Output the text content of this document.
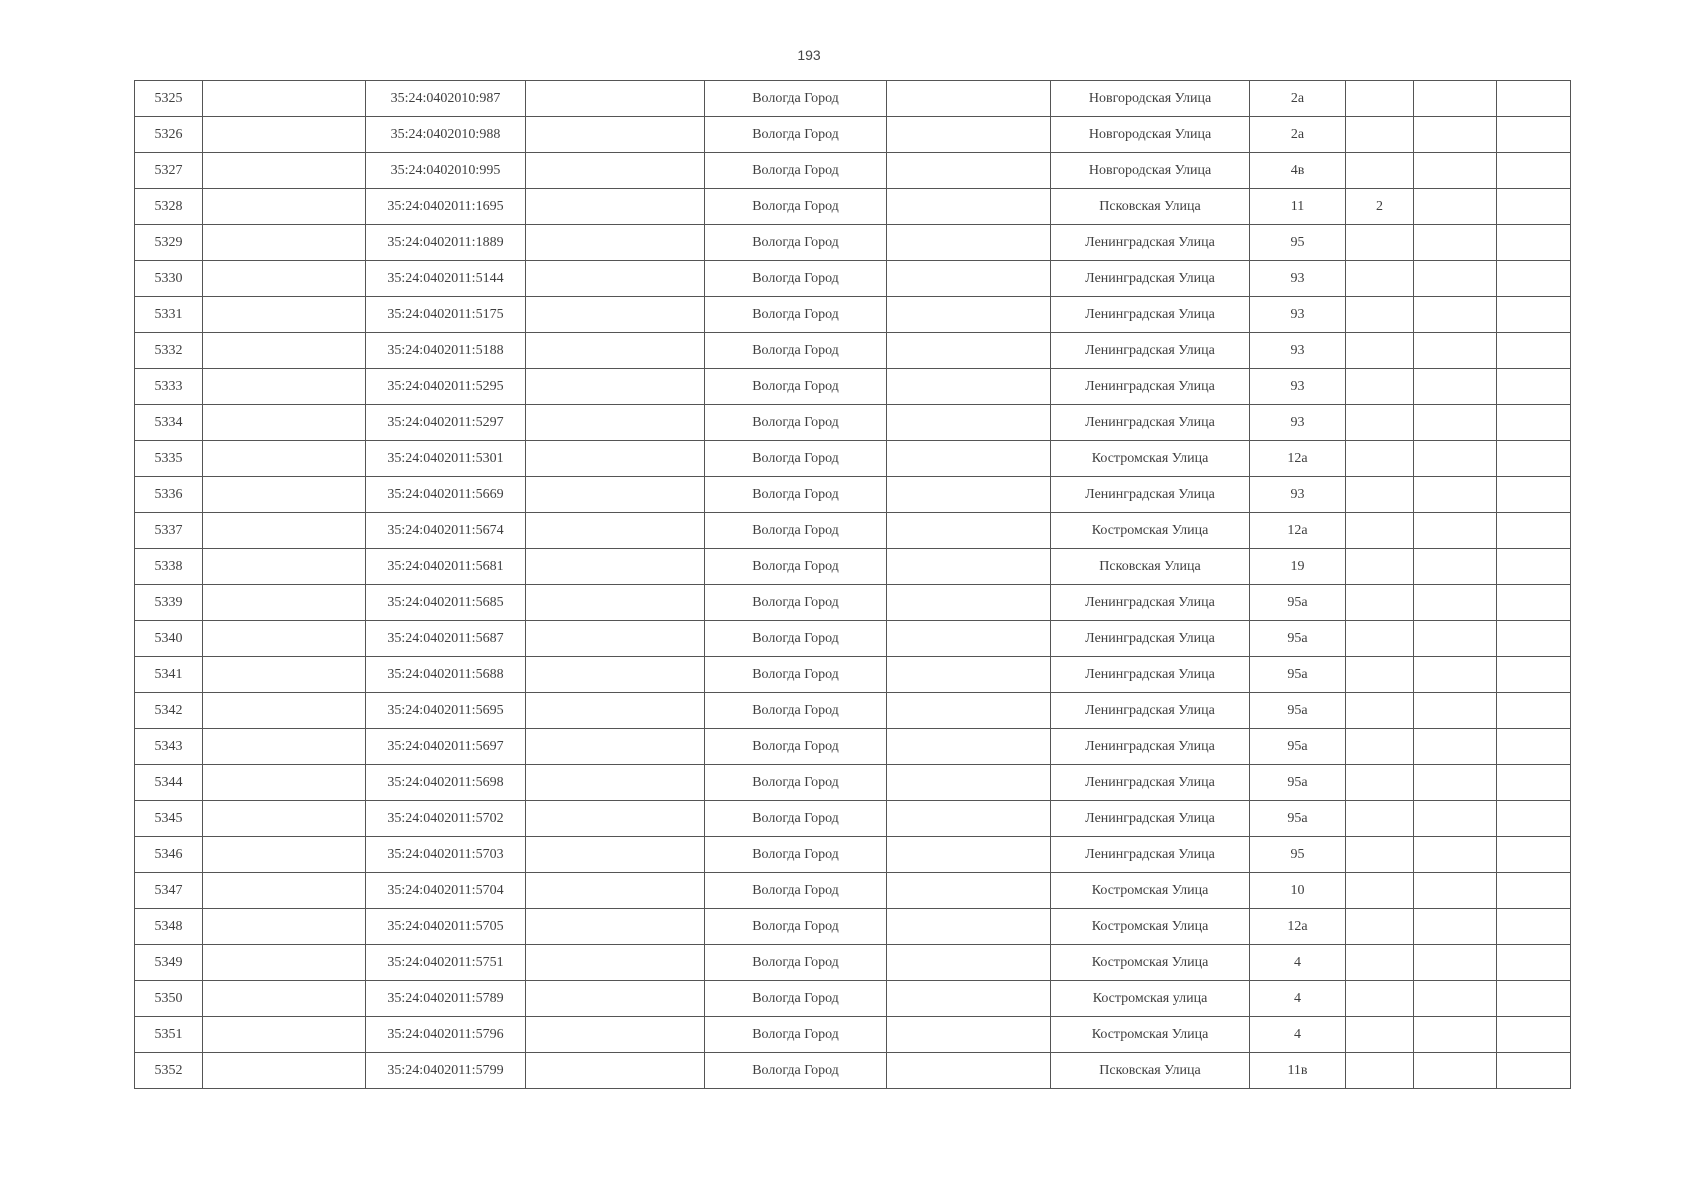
193
5325		35:24:0402010:987		Вологда Город		Новгородская Улица	2а			
5326		35:24:0402010:988		Вологда Город		Новгородская Улица	2а			
5327		35:24:0402010:995		Вологда Город		Новгородская Улица	4в			
5328		35:24:0402011:1695		Вологда Город		Псковская Улица	11	2		
5329		35:24:0402011:1889		Вологда Город		Ленинградская Улица	95			
5330		35:24:0402011:5144		Вологда Город		Ленинградская Улица	93			
5331		35:24:0402011:5175		Вологда Город		Ленинградская Улица	93			
5332		35:24:0402011:5188		Вологда Город		Ленинградская Улица	93			
5333		35:24:0402011:5295		Вологда Город		Ленинградская Улица	93			
5334		35:24:0402011:5297		Вологда Город		Ленинградская Улица	93			
5335		35:24:0402011:5301		Вологда Город		Костромская Улица	12а			
5336		35:24:0402011:5669		Вологда Город		Ленинградская Улица	93			
5337		35:24:0402011:5674		Вологда Город		Костромская Улица	12а			
5338		35:24:0402011:5681		Вологда Город		Псковская Улица	19			
5339		35:24:0402011:5685		Вологда Город		Ленинградская Улица	95а			
5340		35:24:0402011:5687		Вологда Город		Ленинградская Улица	95а			
5341		35:24:0402011:5688		Вологда Город		Ленинградская Улица	95а			
5342		35:24:0402011:5695		Вологда Город		Ленинградская Улица	95а			
5343		35:24:0402011:5697		Вологда Город		Ленинградская Улица	95а			
5344		35:24:0402011:5698		Вологда Город		Ленинградская Улица	95а			
5345		35:24:0402011:5702		Вологда Город		Ленинградская Улица	95а			
5346		35:24:0402011:5703		Вологда Город		Ленинградская Улица	95			
5347		35:24:0402011:5704		Вологда Город		Костромская Улица	10			
5348		35:24:0402011:5705		Вологда Город		Костромская Улица	12а			
5349		35:24:0402011:5751		Вологда Город		Костромская Улица	4			
5350		35:24:0402011:5789		Вологда Город		Костромская улица	4			
5351		35:24:0402011:5796		Вологда Город		Костромская Улица	4			
5352		35:24:0402011:5799		Вологда Город		Псковская Улица	11в			
